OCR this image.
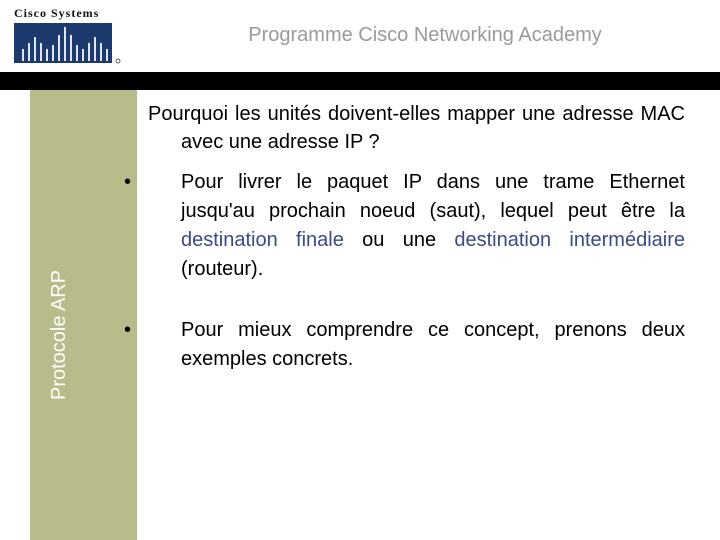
Cisco Systems
Programme Cisco Networking Academy
Protocole ARP

Pourquoi les unités doivent-elles mapper une adresse MAC avec une adresse IP ?

• Pour livrer le paquet IP dans une trame Ethernet jusqu'au prochain noeud (saut), lequel peut être la destination finale ou une destination intermédiaire (routeur).
• Pour mieux comprendre ce concept, prenons deux exemples concrets.
